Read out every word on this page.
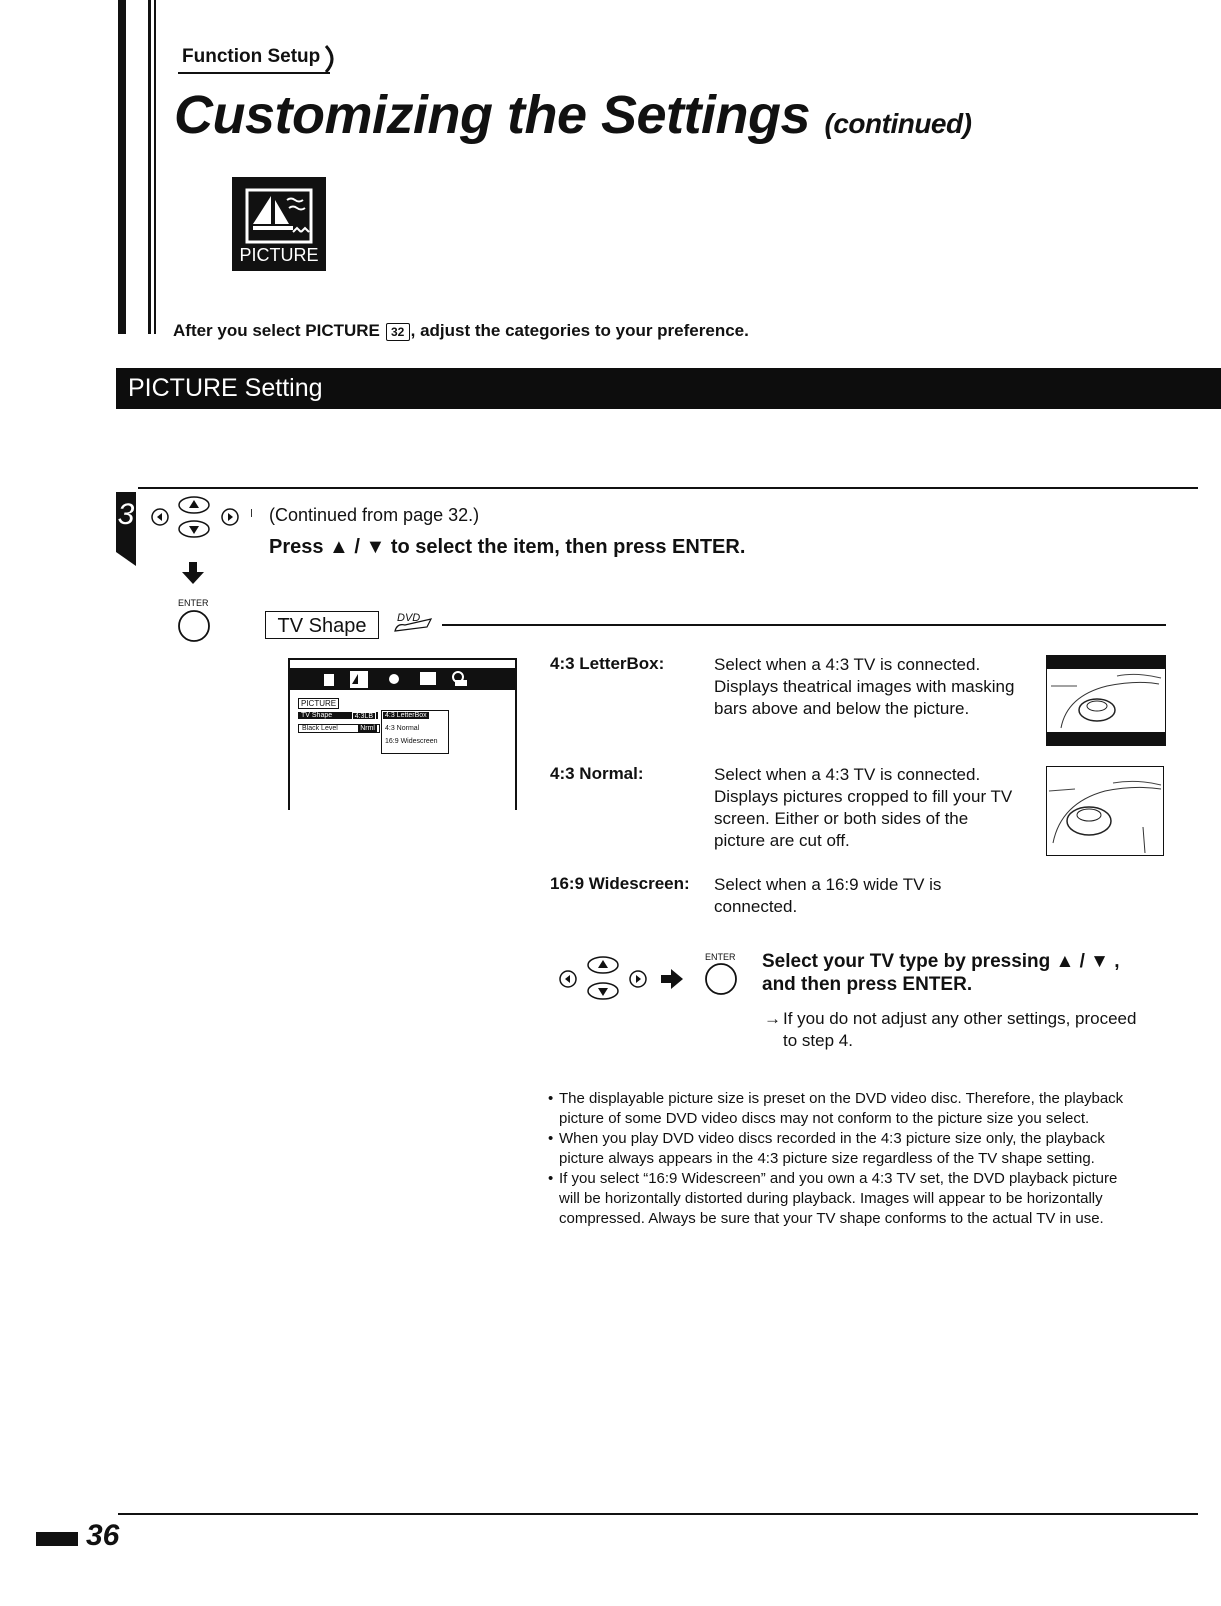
Function Setup
Customizing the Settings (continued)
PICTURE
After you select PICTURE 32 , adjust the categories to your preference.
PICTURE Setting
3
ENTER
(Continued from page 32.)
Press ▲ / ▼ to select the item, then press ENTER.
TV Shape	DVD
PICTURE
TV Shape	4:3LB
Black Level	Nrml
4:3 LetterBox
4:3 Normal
16:9 Widescreen
4:3 LetterBox:	Select when a 4:3 TV is connected.
Displays theatrical images with masking
bars above and below the picture.
4:3 Normal:	Select when a 4:3 TV is connected.
Displays pictures cropped to fill your TV
screen. Either or both sides of the
picture are cut off.
16:9 Widescreen: Select when a 16:9 wide TV is
connected.
ENTER Select your TV type by pressing ▲ / ▼ ,
and then press ENTER.
→ If you do not adjust any other settings, proceed
to step 4.
• The displayable picture size is preset on the DVD video disc. Therefore, the playback
picture of some DVD video discs may not conform to the picture size you select.
• When you play DVD video discs recorded in the 4:3 picture size only, the playback
picture always appears in the 4:3 picture size regardless of the TV shape setting.
• If you select “16:9 Widescreen” and you own a 4:3 TV set, the DVD playback picture
will be horizontally distorted during playback. Images will appear to be horizontally
compressed. Always be sure that your TV shape conforms to the actual TV in use.
36
